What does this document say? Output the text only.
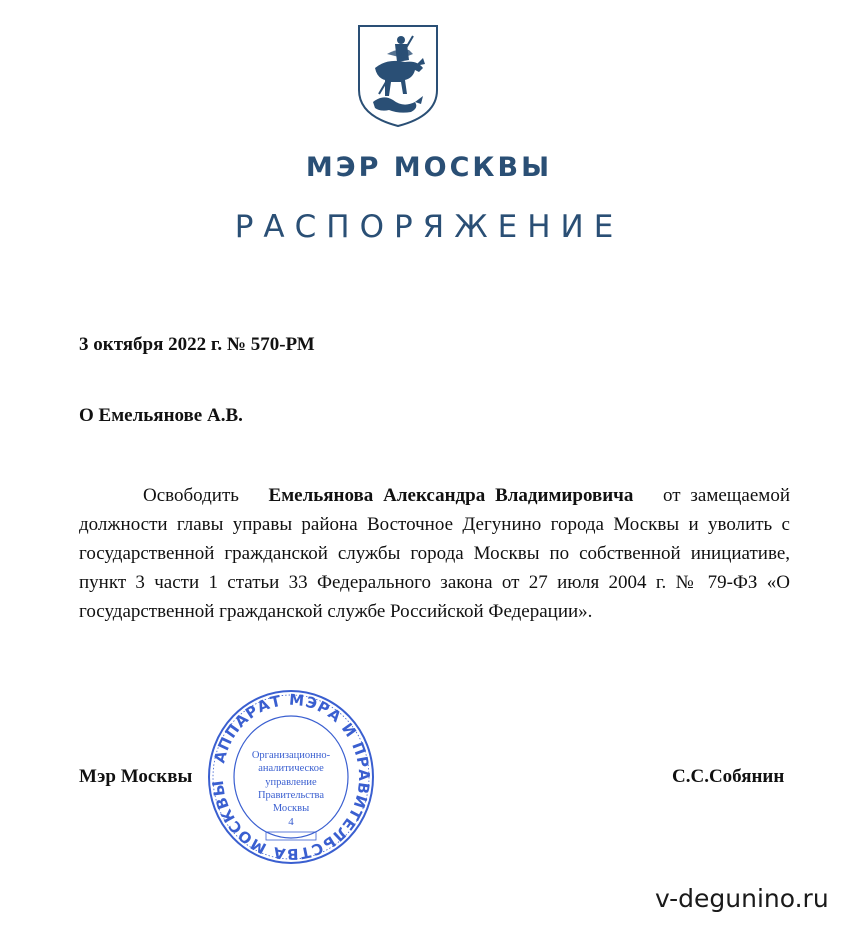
МЭР МОСКВЫ
РАСПОРЯЖЕНИЕ
3 октября 2022 г. № 570-РМ
О Емельянове А.В.

Освободить Емельянова Александра Владимировича от замещаемой должности главы управы района Восточное Дегунино города Москвы и уволить с государственной гражданской службы города Москвы по собственной инициативе, пункт 3 части 1 статьи 33 Федерального закона от 27 июля 2004 г. № 79-ФЗ «О государственной гражданской службе Российской Федерации».

Мэр Москвы
АППАРАТ МЭРА И ПРАВИТЕЛЬСТВА МОСКВЫ
Организационно-
аналитическое
управление
Правительства
Москвы
4
С.С.Собянин
v-degunino.ru
